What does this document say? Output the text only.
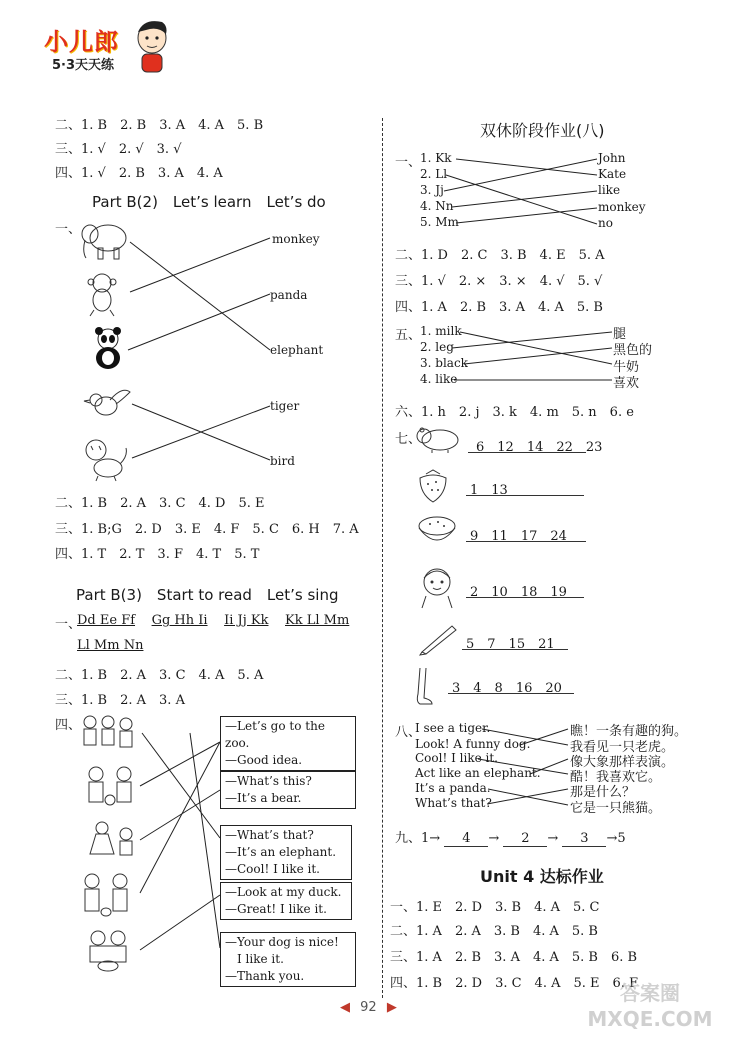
小儿郎
5·3天天练
二、1. B　2. B　3. A　4. A　5. B
三、1. √　2. √　3. √
四、1. √　2. B　3. A　4. A
Part B(2)　Let’s learn　Let’s do
一、
monkey
panda
elephant
tiger
bird
二、1. B　2. A　3. C　4. D　5. E
三、1. B;G　2. D　3. E　4. F　5. C　6. H　7. A
四、1. T　2. T　3. F　4. T　5. T
Part B(3)　Start to read　Let’s sing
一、
Dd Ee Ff Gg Hh Ii Ii Jj Kk Kk Ll Mm
Ll Mm Nn
二、1. B　2. A　3. C　4. A　5. A
三、1. B　2. A　3. A
四、	—Let’s go to the zoo.
—Good idea.
—What’s this?
—It’s a bear.
—What’s that?
—It’s an elephant.
—Cool! I like it.
—Look at my duck.
—Great! I like it.
—Your dog is nice!
　I like it.
—Thank you.
双休阶段作业(八)
一、
1. Kk
2. Ll
3. Jj
4. Nn
5. Mm
John
Kate
like
monkey
no
二、1. D　2. C　3. B　4. E　5. A
三、1. √　2. ×　3. ×　4. √　5. √
四、1. A　2. B　3. A　4. A　5. B
五、
1. milk
2. leg
3. black
4. like
腿
黑色的
牛奶
喜欢
六、1. h　2. j　3. k　4. m　5. n　6. e
七、
6　12　14　22　23
1　13
9　11　17　24
2　10　18　19
5　7　15　21
3　4　8　16　20
八、
I see a tiger.
Look! A funny dog.
Cool! I like it.
Act like an elephant.
It’s a panda.
What’s that?
瞧！一条有趣的狗。
我看见一只老虎。
像大象那样表演。
酷！我喜欢它。
那是什么？
它是一只熊猫。
九、1→ 4 → 2 → 3 →5
Unit 4 达标作业
一、1. E　2. D　3. B　4. A　5. C
二、1. A　2. A　3. B　4. A　5. B
三、1. A　2. B　3. A　4. A　5. B　6. B
四、1. B　2. D　3. C　4. A　5. E　6. F
◀ 92 ▶
答案圈 MXQE.COM
